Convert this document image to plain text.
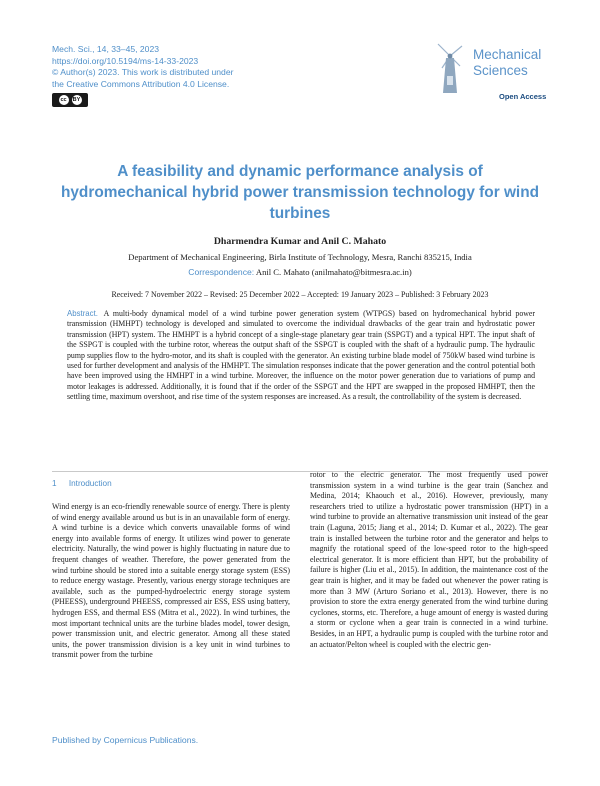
Mech. Sci., 14, 33–45, 2023
https://doi.org/10.5194/ms-14-33-2023
© Author(s) 2023. This work is distributed under
the Creative Commons Attribution 4.0 License.
cc	BY
Mechanical
Sciences
Open Access
A feasibility and dynamic performance analysis of hydromechanical hybrid power transmission technology for wind turbines
Dharmendra Kumar and Anil C. Mahato
Department of Mechanical Engineering, Birla Institute of Technology, Mesra, Ranchi 835215, India
Correspondence: Anil C. Mahato (anilmahato@bitmesra.ac.in)
Received: 7 November 2022 – Revised: 25 December 2022 – Accepted: 19 January 2023 – Published: 3 February 2023
Abstract. A multi-body dynamical model of a wind turbine power generation system (WTPGS) based on hydromechanical hybrid power transmission (HMHPT) technology is developed and simulated to overcome the individual drawbacks of the gear train and hydrostatic power transmission (HPT) system. The HMHPT is a hybrid concept of a single-stage planetary gear train (SSPGT) and a typical HPT. The input shaft of the SSPGT is coupled with the turbine rotor, whereas the output shaft of the SSPGT is coupled with the shaft of a hydraulic pump. The hydraulic pump supplies flow to the hydro-motor, and its shaft is coupled with the generator. An existing turbine blade model of 750kW based wind turbine is used for further development and analysis of the HMHPT. The simulation responses indicate that the power generation and the control potential both have been improved using the HMHPT in a wind turbine. Moreover, the influence on the motor power generation due to variations of pump and motor leakages is addressed. Additionally, it is found that if the order of the SSPGT and the HPT are swapped in the proposed HMHPT, then the settling time, maximum overshoot, and rise time of the system responses are increased. As a result, the controllability of the system is decreased.
1 Introduction
Wind energy is an eco-friendly renewable source of energy. There is plenty of wind energy available around us but is in an unavailable form of energy. A wind turbine is a device which converts unavailable forms of wind energy into available forms of energy. It utilizes wind power to generate electricity. Naturally, the wind power is highly fluctuating in nature due to frequent changes of weather. Therefore, the power generated from the wind turbine should be stored into a suitable energy storage system (ESS) to reduce energy wastage. Presently, various energy storage techniques are available, such as the pumped-hydroelectric energy storage system (PHEESS), underground PHEESS, compressed air ESS, ESS using battery, hydrogen ESS, and thermal ESS (Mitra et al., 2022). In wind turbines, the most important technical units are the turbine blades model, tower design, power transmission unit, and electric generator. Among all these stated units, the power transmission division is a key unit in wind turbines to transmit power from the turbine
rotor to the electric generator. The most frequently used power transmission system in a wind turbine is the gear train (Sanchez and Medina, 2014; Khaouch et al., 2016). However, previously, many researchers tried to utilize a hydrostatic power transmission (HPT) in a wind turbine to provide an alternative transmission unit instead of the gear train (Laguna, 2015; Jiang et al., 2014; D. Kumar et al., 2022). The gear train is installed between the turbine rotor and the generator and helps to magnify the rotational speed of the low-speed rotor to the high-speed electrical generator. It is more efficient than HPT, but the probability of failure is higher (Liu et al., 2015). In addition, the maintenance cost of the gear train is higher, and it may be faded out whenever the power rating is more than 3 MW (Arturo Soriano et al., 2013). However, there is no provision to store the extra energy generated from the wind turbine during cyclones, storms, etc. Therefore, a huge amount of energy is wasted during a storm or cyclone when a gear train is connected in a wind turbine. Besides, in an HPT, a hydraulic pump is coupled with the turbine rotor and an actuator/Pelton wheel is coupled with the electric gen-
Published by Copernicus Publications.
